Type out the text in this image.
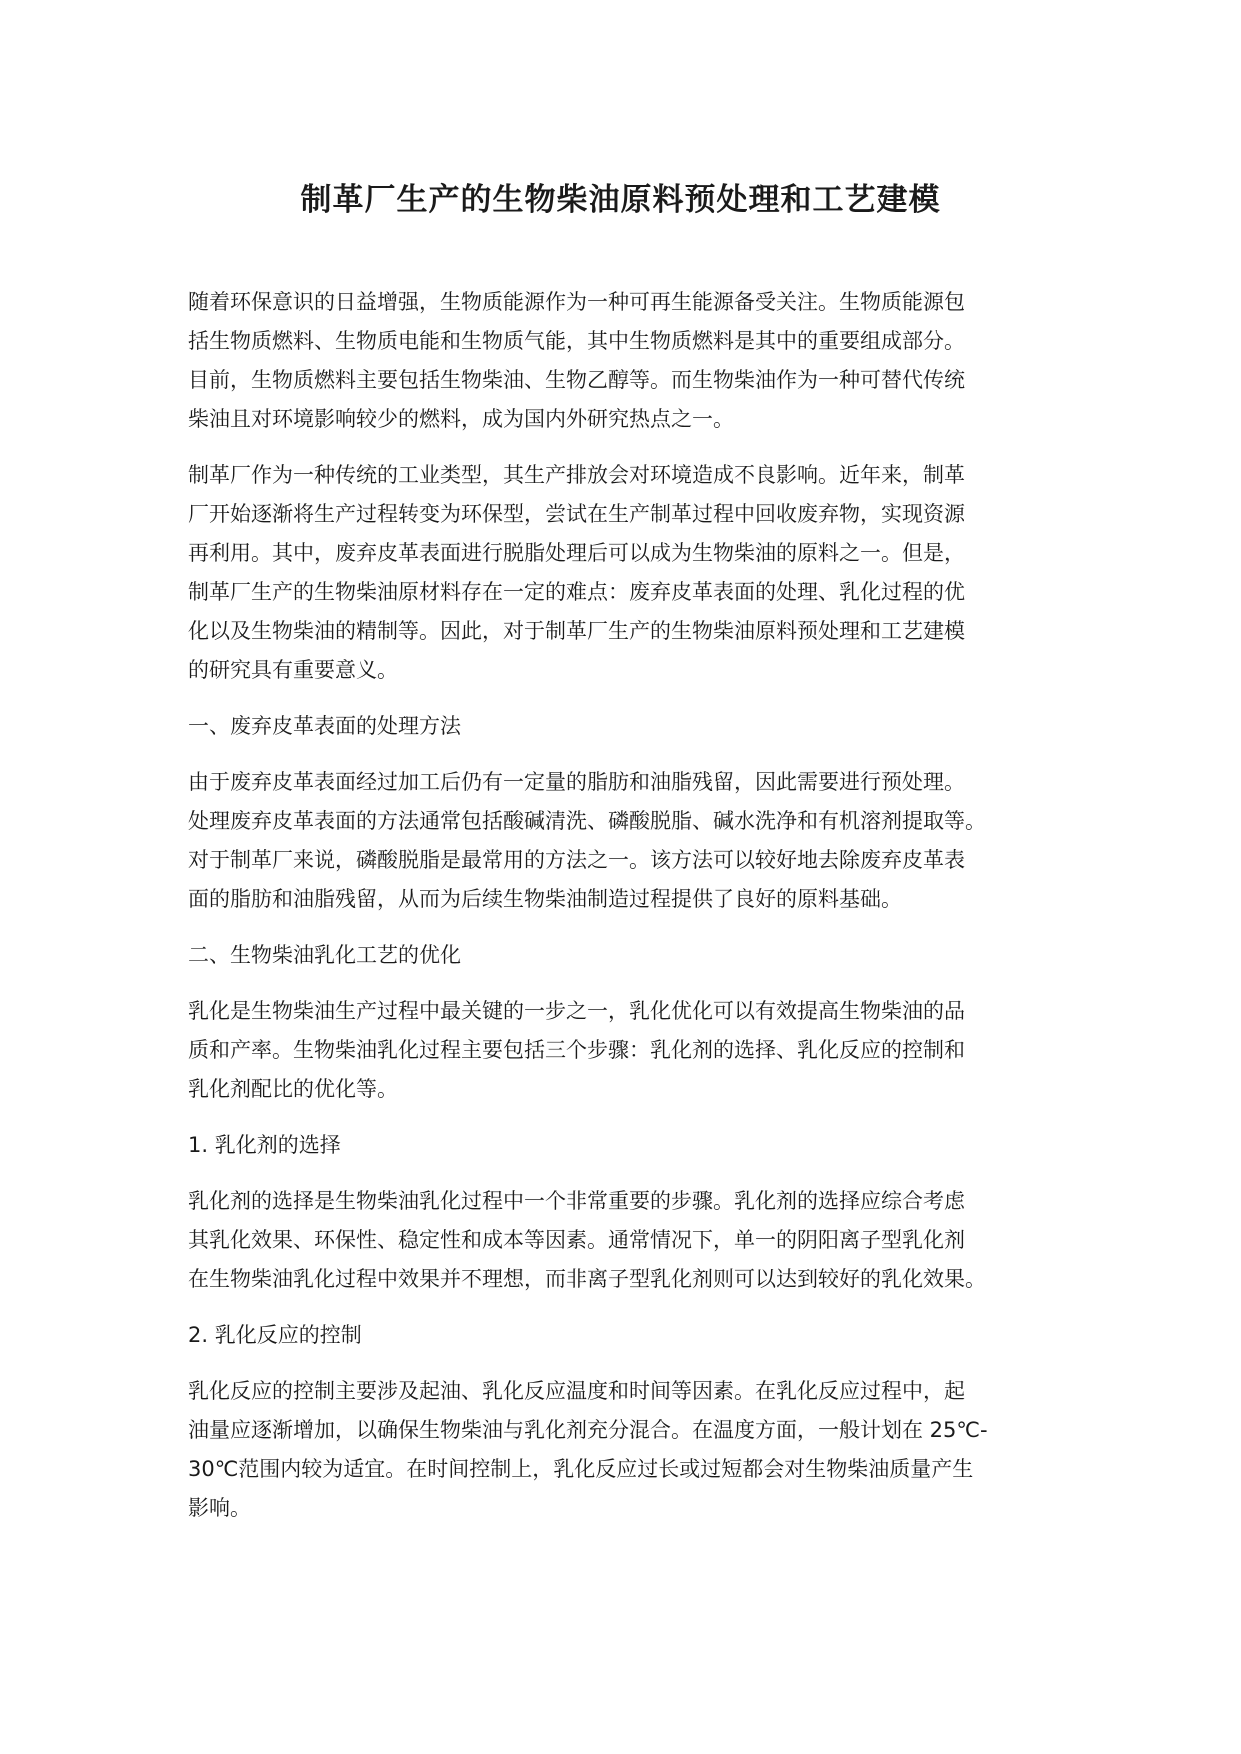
制革厂生产的生物柴油原料预处理和工艺建模

随着环保意识的日益增强，生物质能源作为一种可再生能源备受关注。生物质能源包
括生物质燃料、生物质电能和生物质气能，其中生物质燃料是其中的重要组成部分。
目前，生物质燃料主要包括生物柴油、生物乙醇等。而生物柴油作为一种可替代传统
柴油且对环境影响较少的燃料，成为国内外研究热点之一。

制革厂作为一种传统的工业类型，其生产排放会对环境造成不良影响。近年来，制革
厂开始逐渐将生产过程转变为环保型，尝试在生产制革过程中回收废弃物，实现资源
再利用。其中，废弃皮革表面进行脱脂处理后可以成为生物柴油的原料之一。但是，
制革厂生产的生物柴油原材料存在一定的难点：废弃皮革表面的处理、乳化过程的优
化以及生物柴油的精制等。因此，对于制革厂生产的生物柴油原料预处理和工艺建模
的研究具有重要意义。

一、废弃皮革表面的处理方法

由于废弃皮革表面经过加工后仍有一定量的脂肪和油脂残留，因此需要进行预处理。
处理废弃皮革表面的方法通常包括酸碱清洗、磷酸脱脂、碱水洗净和有机溶剂提取等。
对于制革厂来说，磷酸脱脂是最常用的方法之一。该方法可以较好地去除废弃皮革表
面的脂肪和油脂残留，从而为后续生物柴油制造过程提供了良好的原料基础。

二、生物柴油乳化工艺的优化

乳化是生物柴油生产过程中最关键的一步之一，乳化优化可以有效提高生物柴油的品
质和产率。生物柴油乳化过程主要包括三个步骤：乳化剂的选择、乳化反应的控制和
乳化剂配比的优化等。

1. 乳化剂的选择

乳化剂的选择是生物柴油乳化过程中一个非常重要的步骤。乳化剂的选择应综合考虑
其乳化效果、环保性、稳定性和成本等因素。通常情况下，单一的阴阳离子型乳化剂
在生物柴油乳化过程中效果并不理想，而非离子型乳化剂则可以达到较好的乳化效果。

2. 乳化反应的控制

乳化反应的控制主要涉及起油、乳化反应温度和时间等因素。在乳化反应过程中，起
油量应逐渐增加，以确保生物柴油与乳化剂充分混合。在温度方面，一般计划在 25℃-
30℃范围内较为适宜。在时间控制上，乳化反应过长或过短都会对生物柴油质量产生
影响。
